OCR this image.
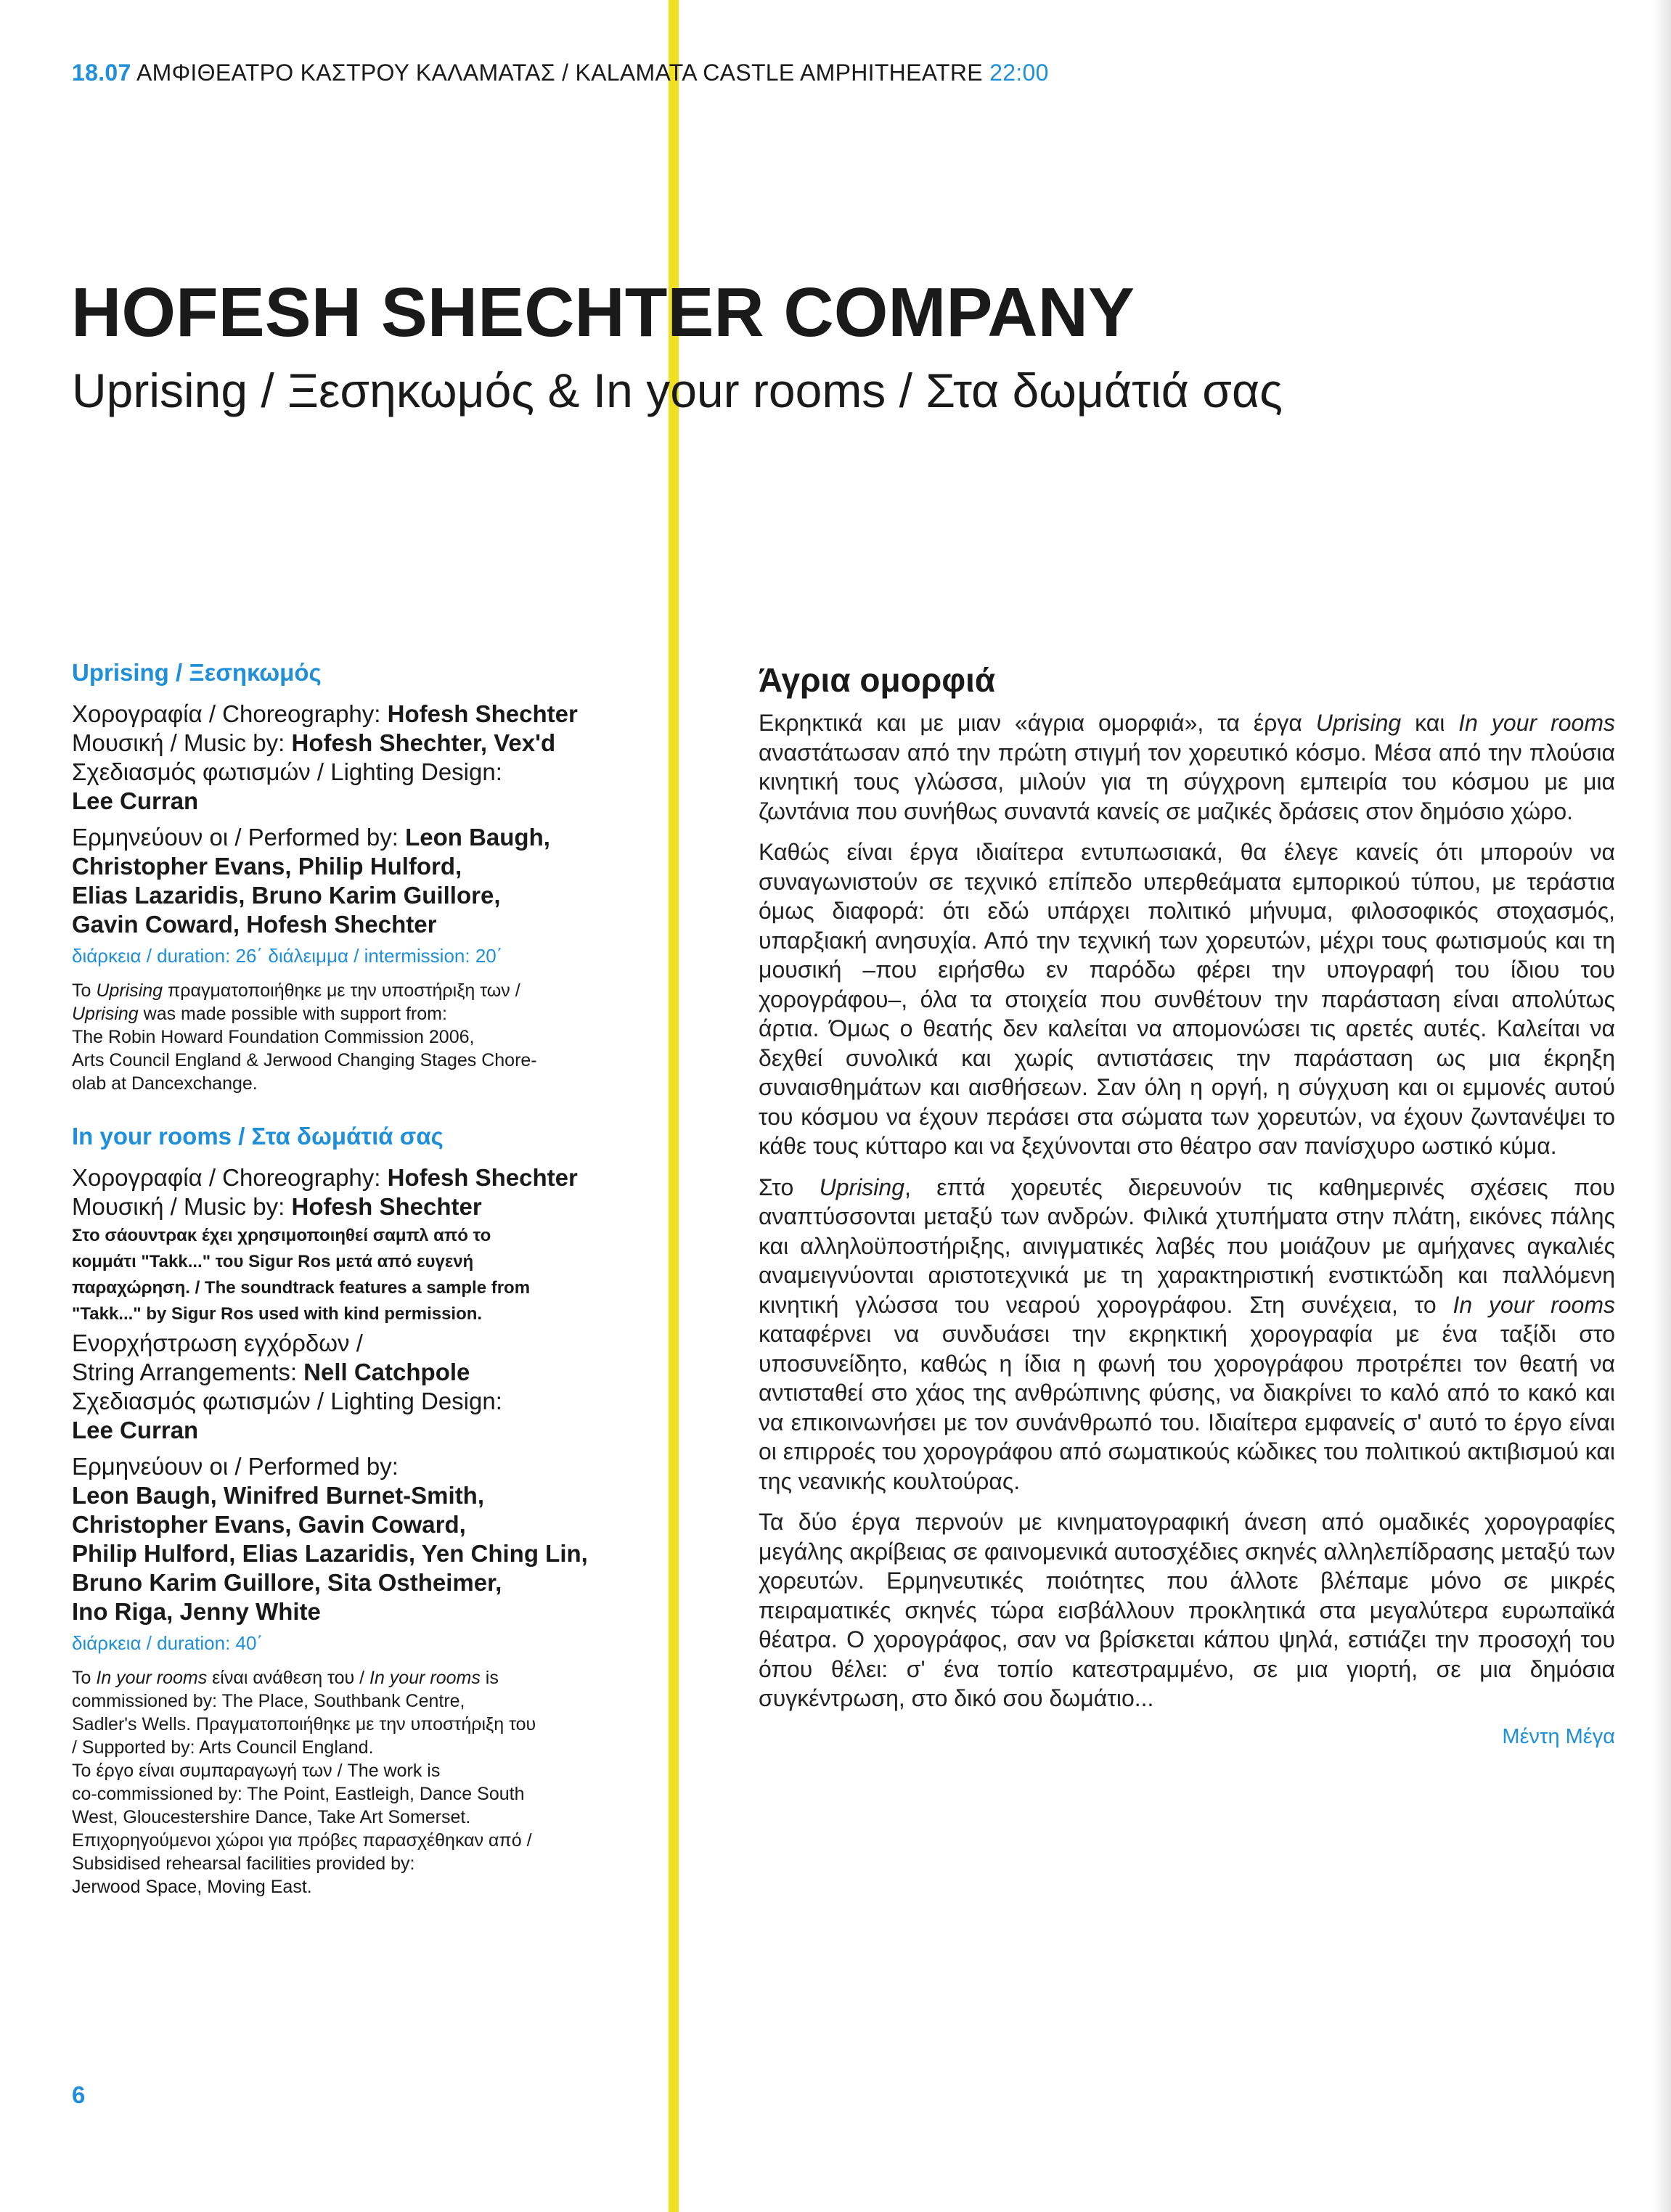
18.07 ΑΜΦΙΘΕΑΤΡΟ ΚΑΣΤΡΟΥ ΚΑΛΑΜΑΤΑΣ / KALAMATA CASTLE AMPHITHEATRE 22:00

HOFESH SHECHTER COMPANY

Uprising / Ξεσηκωμός & In your rooms / Στα δωμάτιά σας

Uprising / Ξεσηκωμός

Χορογραφία / Choreography: Hofesh Shechter

Μουσική / Music by: Hofesh Shechter, Vex'd

Σχεδιασμός φωτισμών / Lighting Design:

Lee Curran

Ερμηνεύουν οι / Performed by: Leon Baugh,

Christopher Evans, Philip Hulford,

Elias Lazaridis, Bruno Karim Guillore,

Gavin Coward, Hofesh Shechter

διάρκεια / duration: 26΄ διάλειμμα / intermission: 20΄

Το Uprising πραγματοποιήθηκε με την υποστήριξη των /

Uprising was made possible with support from:

The Robin Howard Foundation Commission 2006,

Arts Council England & Jerwood Changing Stages Chore-

olab at Dancexchange.

In your rooms / Στα δωμάτιά σας

Χορογραφία / Choreography: Hofesh Shechter

Μουσική / Music by: Hofesh Shechter

Στο σάουντρακ έχει χρησιμοποιηθεί σαμπλ από το

κομμάτι "Takk..." του Sigur Ros μετά από ευγενή

παραχώρηση. / The soundtrack features a sample from

"Takk..." by Sigur Ros used with kind permission.

Ενορχήστρωση εγχόρδων /

String Arrangements: Nell Catchpole

Σχεδιασμός φωτισμών / Lighting Design:

Lee Curran

Ερμηνεύουν οι / Performed by:

Leon Baugh, Winifred Burnet-Smith,

Christopher Evans, Gavin Coward,

Philip Hulford, Elias Lazaridis, Yen Ching Lin,

Bruno Karim Guillore, Sita Ostheimer,

Ino Riga, Jenny White

διάρκεια / duration: 40΄

Το In your rooms είναι ανάθεση του / In your rooms is

commissioned by: The Place, Southbank Centre,

Sadler's Wells. Πραγματοποιήθηκε με την υποστήριξη του

/ Supported by: Arts Council England.

Το έργο είναι συμπαραγωγή των / The work is

co-commissioned by: The Point, Eastleigh, Dance South

West, Gloucestershire Dance, Take Art Somerset.

Επιχορηγούμενοι χώροι για πρόβες παρασχέθηκαν από /

Subsidised rehearsal facilities provided by:

Jerwood Space, Moving East.

6
Άγρια ομορφιά

Εκρηκτικά και με μιαν «άγρια ομορφιά», τα έργα Uprising και In your rooms αναστάτωσαν από την πρώτη στιγμή τον χορευτικό κόσμο. Μέσα από την πλούσια κινητική τους γλώσσα, μιλούν για τη σύγχρονη εμπειρία του κόσμου με μια ζωντάνια που συνήθως συναντά κανείς σε μαζικές δράσεις στον δημόσιο χώρο.

Καθώς είναι έργα ιδιαίτερα εντυπωσιακά, θα έλεγε κανείς ότι μπορούν να συναγωνιστούν σε τεχνικό επίπεδο υπερθεάματα εμπορικού τύπου, με τεράστια όμως διαφορά: ότι εδώ υπάρχει πολιτικό μήνυμα, φιλοσοφικός στοχασμός, υπαρξιακή ανησυχία. Από την τεχνική των χορευτών, μέχρι τους φωτισμούς και τη μουσική –που ειρήσθω εν παρόδω φέρει την υπογραφή του ίδιου του χορογράφου–, όλα τα στοιχεία που συνθέτουν την παράσταση είναι απολύτως άρτια. Όμως ο θεατής δεν καλείται να απομονώσει τις αρετές αυτές. Καλείται να δεχθεί συνολικά και χωρίς αντιστάσεις την παράσταση ως μια έκρηξη συναισθημάτων και αισθήσεων. Σαν όλη η οργή, η σύγχυση και οι εμμονές αυτού του κόσμου να έχουν περάσει στα σώματα των χορευτών, να έχουν ζωντανέψει το κάθε τους κύτταρο και να ξεχύνονται στο θέατρο σαν πανίσχυρο ωστικό κύμα.

Στο Uprising, επτά χορευτές διερευνούν τις καθημερινές σχέσεις που αναπτύσσονται μεταξύ των ανδρών. Φιλικά χτυπήματα στην πλάτη, εικόνες πάλης και αλληλοϋποστήριξης, αινιγματικές λαβές που μοιάζουν με αμήχανες αγκαλιές αναμειγνύονται αριστοτεχνικά με τη χαρακτηριστική ενστικτώδη και παλλόμενη κινητική γλώσσα του νεαρού χορογράφου. Στη συνέχεια, το In your rooms καταφέρνει να συνδυάσει την εκρηκτική χορογραφία με ένα ταξίδι στο υποσυνείδητο, καθώς η ίδια η φωνή του χορογράφου προτρέπει τον θεατή να αντισταθεί στο χάος της ανθρώπινης φύσης, να διακρίνει το καλό από το κακό και να επικοινωνήσει με τον συνάνθρωπό του. Ιδιαίτερα εμφανείς σ' αυτό το έργο είναι οι επιρροές του χορογράφου από σωματικούς κώδικες του πολιτικού ακτιβισμού και της νεανικής κουλτούρας.

Τα δύο έργα περνούν με κινηματογραφική άνεση από ομαδικές χορογραφίες μεγάλης ακρίβειας σε φαινομενικά αυτοσχέδιες σκηνές αλληλεπίδρασης μεταξύ των χορευτών. Ερμηνευτικές ποιότητες που άλλοτε βλέπαμε μόνο σε μικρές πειραματικές σκηνές τώρα εισβάλλουν προκλητικά στα μεγαλύτερα ευρωπαϊκά θέατρα. Ο χορογράφος, σαν να βρίσκεται κάπου ψηλά, εστιάζει την προσοχή του όπου θέλει: σ' ένα τοπίο κατεστραμμένο, σε μια γιορτή, σε μια δημόσια συγκέντρωση, στο δικό σου δωμάτιο...

Μέντη Μέγα
